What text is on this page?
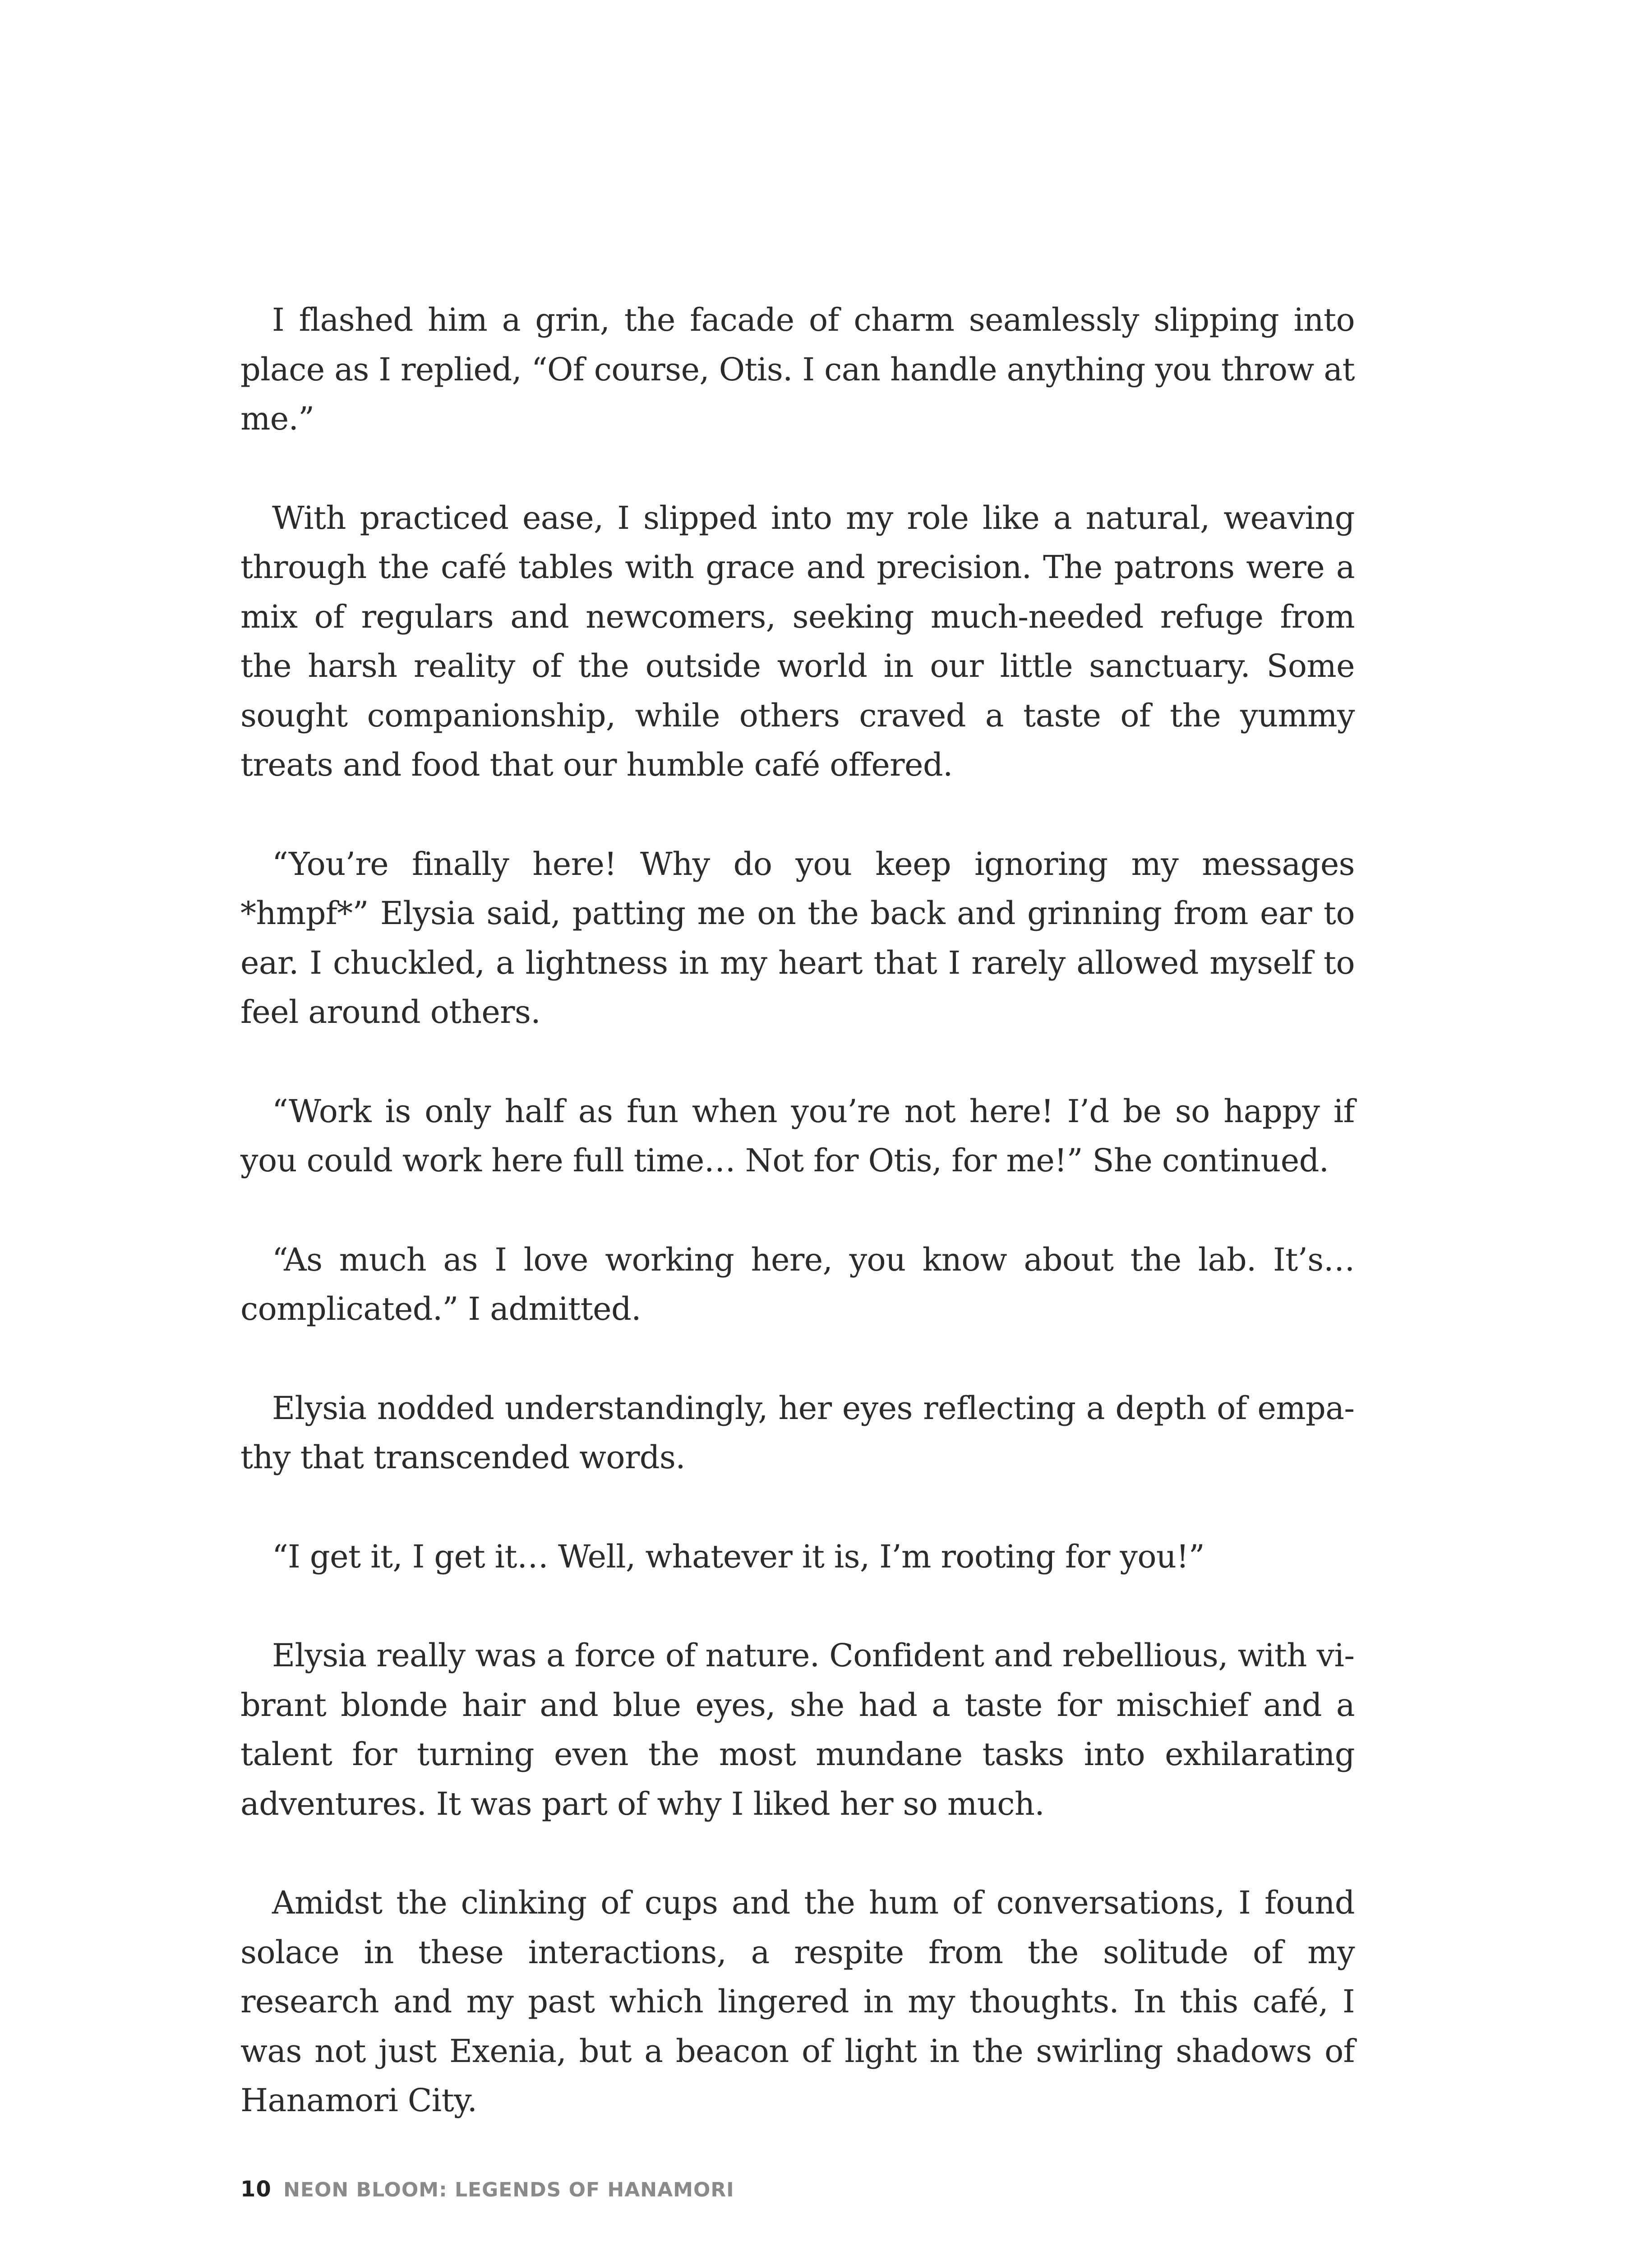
I flashed him a grin, the facade of charm seamlessly slipping into place as I replied, “Of course, Otis. I can handle anything you throw at me.”

With practiced ease, I slipped into my role like a natural, weaving through the café tables with grace and precision. The patrons were a mix of regulars and newcomers, seeking much-needed refuge from the harsh reality of the outside world in our little sanctuary. Some sought companionship, while others craved a taste of the yummy treats and food that our humble café offered.

“You’re finally here! Why do you keep ignoring my messages *hmpf*” Elysia said, patting me on the back and grinning from ear to ear. I chuckled, a lightness in my heart that I rarely allowed myself to feel around others.

“Work is only half as fun when you’re not here! I’d be so happy if you could work here full time… Not for Otis, for me!” She continued.

“As much as I love working here, you know about the lab. It’s… complicated.” I admitted.

Elysia nodded understandingly, her eyes reflecting a depth of empathy that transcended words.

“I get it, I get it… Well, whatever it is, I’m rooting for you!”

Elysia really was a force of nature. Confident and rebellious, with vibrant blonde hair and blue eyes, she had a taste for mischief and a talent for turning even the most mundane tasks into exhilarating adventures. It was part of why I liked her so much.

Amidst the clinking of cups and the hum of conversations, I found solace in these interactions, a respite from the solitude of my research and my past which lingered in my thoughts. In this café, I was not just Exenia, but a beacon of light in the swirling shadows of Hanamori City.

10 NEON BLOOM: LEGENDS OF HANAMORI
